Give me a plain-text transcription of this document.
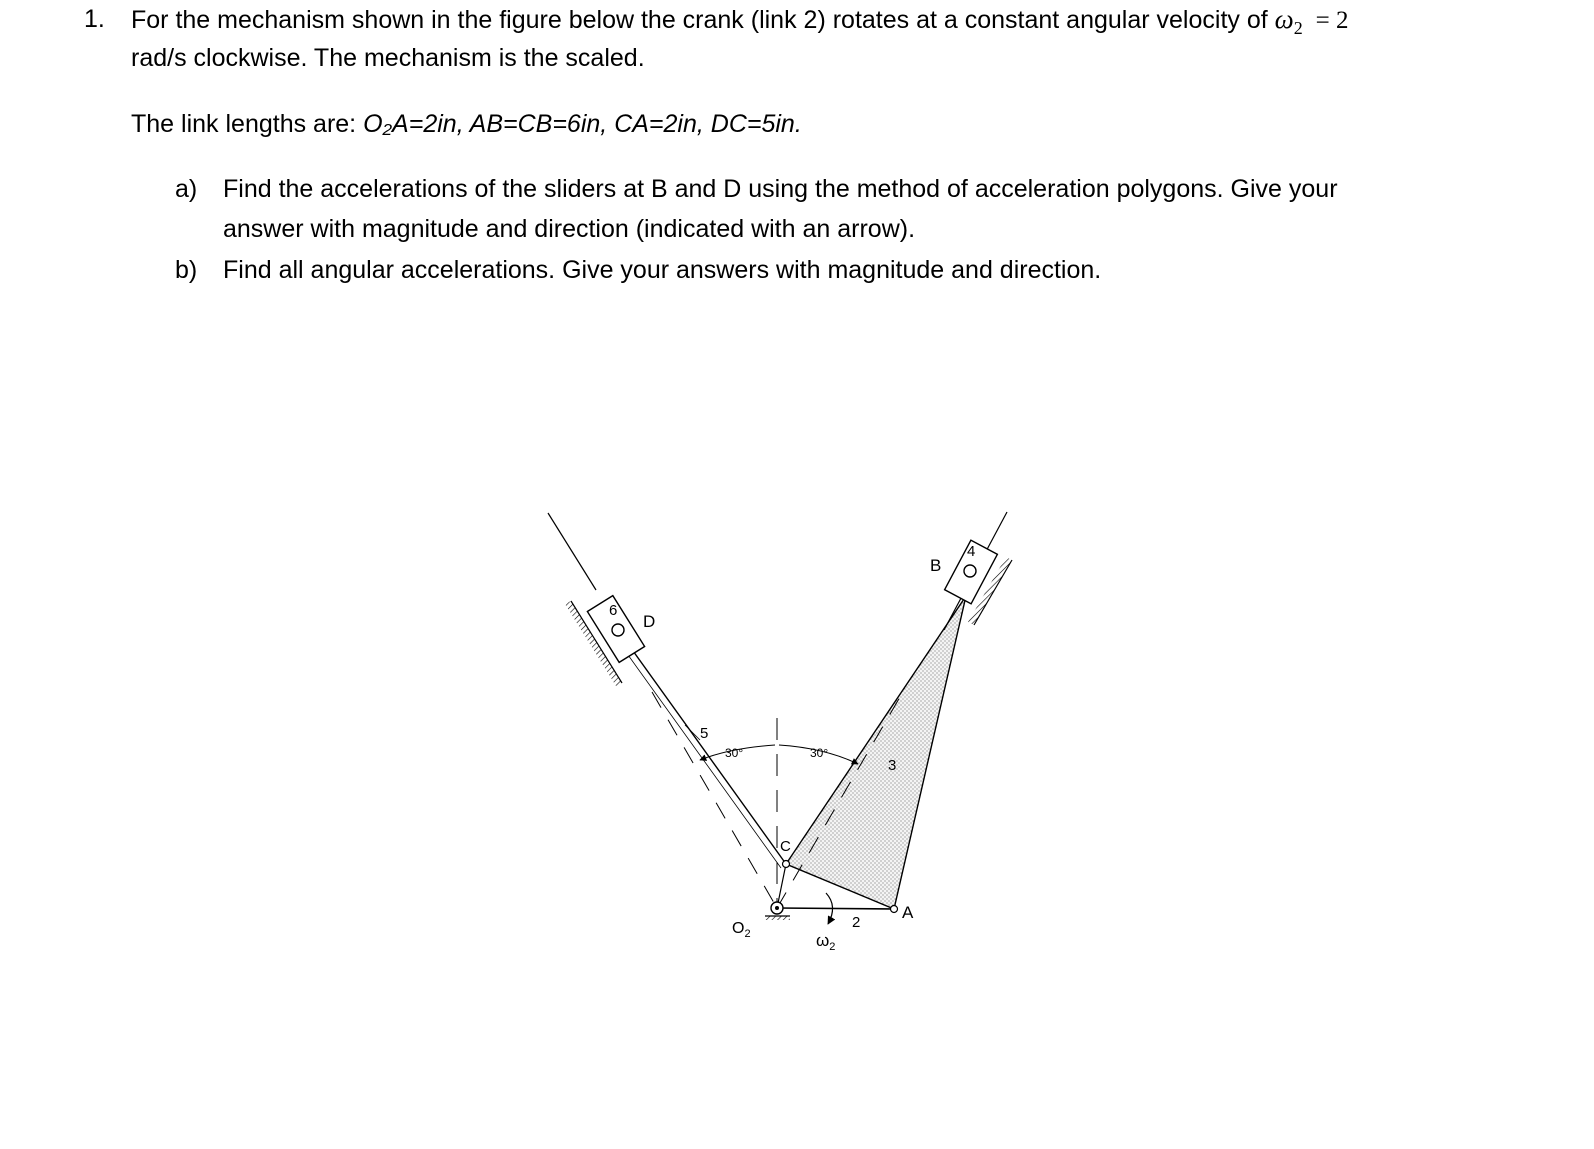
1. For the mechanism shown in the figure below the crank (link 2) rotates at a constant angular velocity of $\omega_2 = 2$
rad/s clockwise. The mechanism is the scaled.
The link lengths are: O₂A=2in, AB=CB=6in, CA=2in, DC=5in.
a) Find the accelerations of the sliders at B and D using the method of acceleration polygons. Give your
answer with magnitude and direction (indicated with an arrow).
b) Find all angular accelerations. Give your answers with magnitude and direction.
B
D
A
C
2
3
4
5
6
30°	30°
$O_2$	$\omega_2$
